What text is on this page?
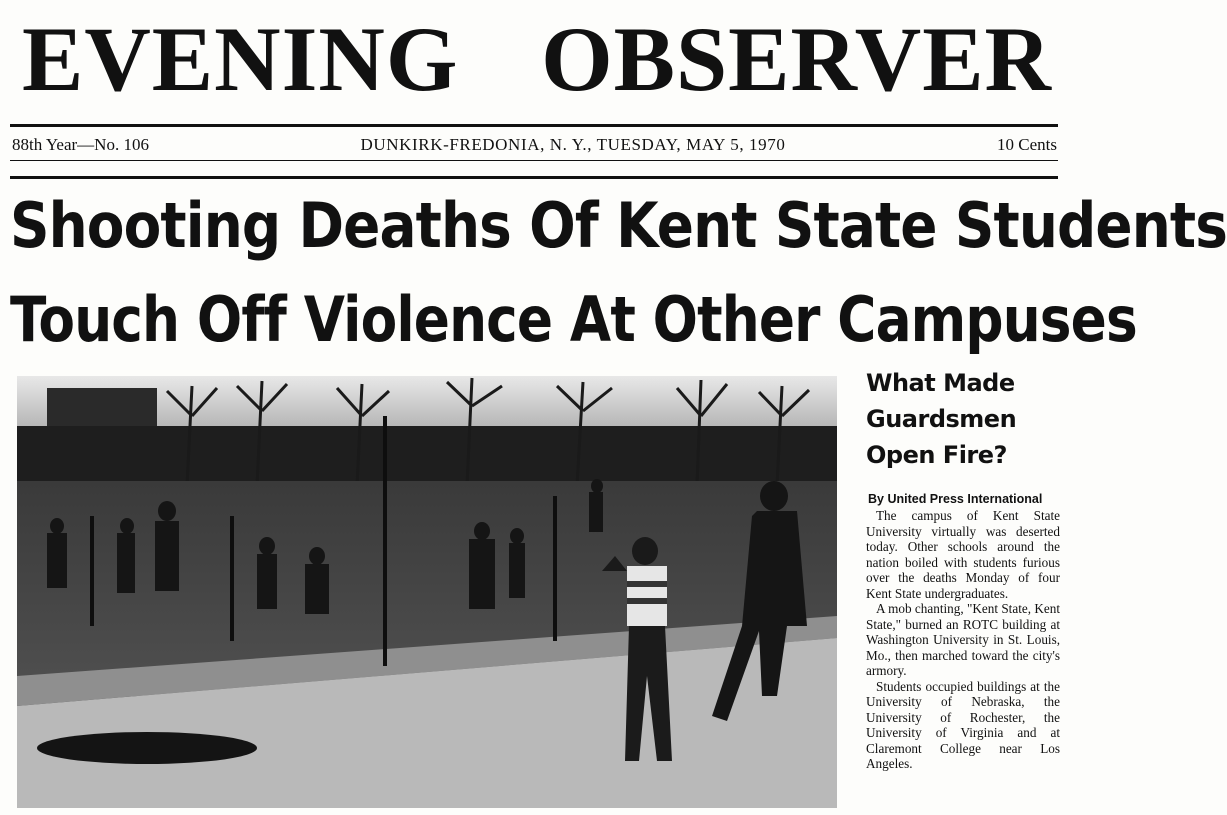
EVENING OBSERVER
88th Year—No. 106	DUNKIRK-FREDONIA, N. Y., TUESDAY, MAY 5, 1970	10 Cents
Shooting Deaths Of Kent State Students
Touch Off Violence At Other Campuses
What Made
Guardsmen
Open Fire?
By United Press International

The campus of Kent State University virtually was deserted today. Other schools around the nation boiled with students furious over the deaths Monday of four Kent State undergraduates.

A mob chanting, "Kent State, Kent State," burned an ROTC building at Washington University in St. Louis, Mo., then marched toward the city's armory.

Students occupied buildings at the University of Nebraska, the University of Rochester, the University of Virginia and at Claremont College near Los Angeles.
